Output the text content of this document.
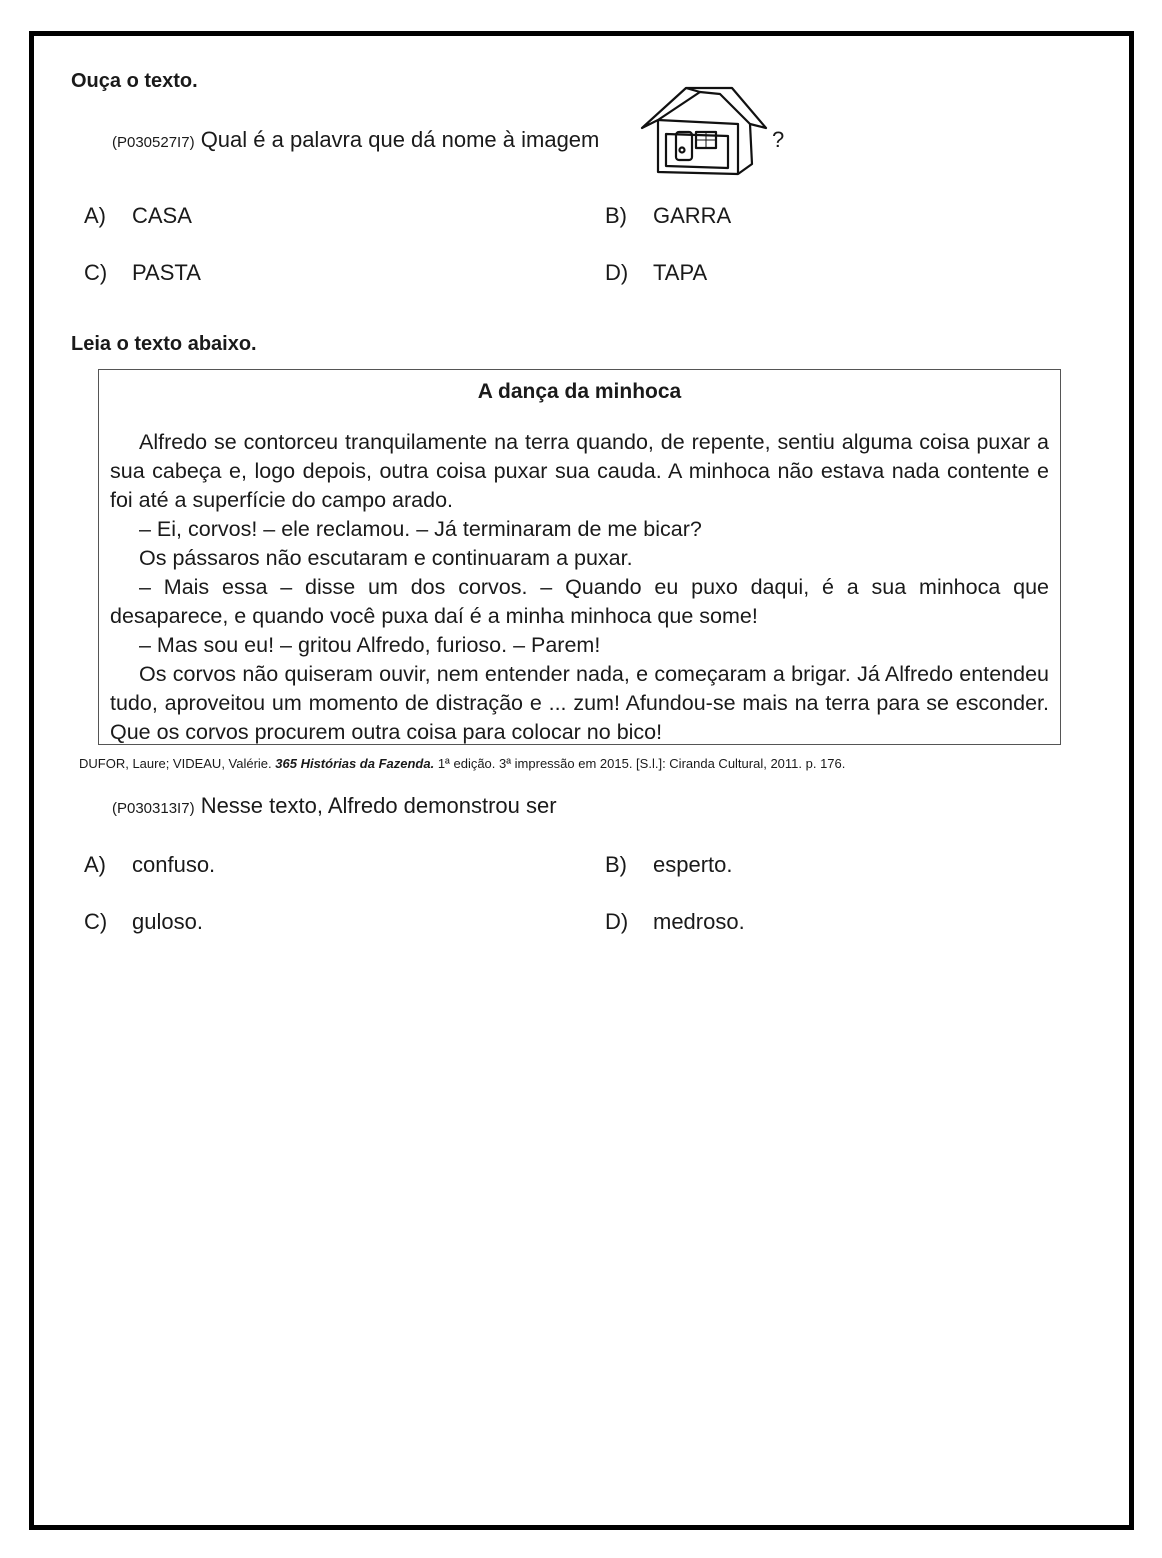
Ouça o texto.
(P030527I7) Qual é a palavra que dá nome à imagem	?
A) CASA	B) GARRA
C) PASTA	D) TAPA
Leia o texto abaixo.
A dança da minhoca

Alfredo se contorceu tranquilamente na terra quando, de repente, sentiu alguma coisa puxar a sua cabeça e, logo depois, outra coisa puxar sua cauda. A minhoca não estava nada contente e foi até a superfície do campo arado.

– Ei, corvos! – ele reclamou. – Já terminaram de me bicar?

Os pássaros não escutaram e continuaram a puxar.

– Mais essa – disse um dos corvos. – Quando eu puxo daqui, é a sua minhoca que desaparece, e quando você puxa daí é a minha minhoca que some!

– Mas sou eu! – gritou Alfredo, furioso. – Parem!

Os corvos não quiseram ouvir, nem entender nada, e começaram a brigar. Já Alfredo entendeu tudo, aproveitou um momento de distração e ... zum! Afundou-se mais na terra para se esconder. Que os corvos procurem outra coisa para colocar no bico!

DUFOR, Laure; VIDEAU, Valérie. 365 Histórias da Fazenda. 1ª edição. 3ª impressão em 2015. [S.l.]: Ciranda Cultural, 2011. p. 176.
(P030313I7) Nesse texto, Alfredo demonstrou ser
A) confuso.	B) esperto.
C) guloso.	D) medroso.
